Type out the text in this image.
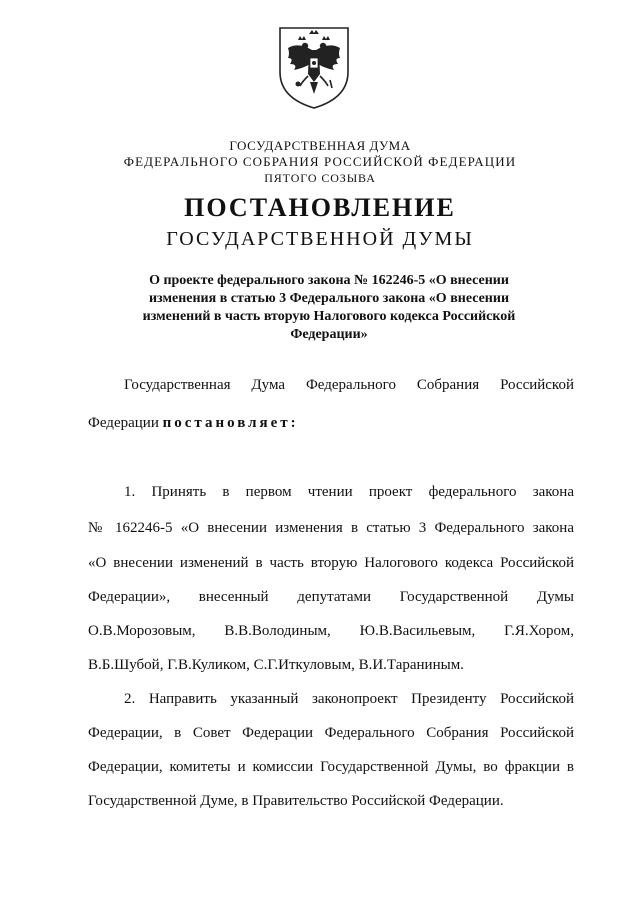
ГОСУДАРСТВЕННАЯ ДУМА
ФЕДЕРАЛЬНОГО СОБРАНИЯ РОССИЙСКОЙ ФЕДЕРАЦИИ
ПЯТОГО СОЗЫВА
ПОСТАНОВЛЕНИЕ
ГОСУДАРСТВЕННОЙ ДУМЫ
О проекте федерального закона № 162246-5 «О внесении
изменения в статью 3 Федерального закона «О внесении
изменений в часть вторую Налогового кодекса Российской
Федерации»
Государственная Дума Федерального Собрания Российской
Федерации постановляет:
1. Принять в первом чтении проект федерального закона
№ 162246-5 «О внесении изменения в статью 3 Федерального закона
«О внесении изменений в часть вторую Налогового кодекса Российской
Федерации», внесенный депутатами Государственной Думы
О.В.Морозовым, В.В.Володиным, Ю.В.Васильевым, Г.Я.Хором,
В.Б.Шубой, Г.В.Куликом, С.Г.Иткуловым, В.И.Тараниным.
2. Направить указанный законопроект Президенту Российской
Федерации, в Совет Федерации Федерального Собрания Российской
Федерации, комитеты и комиссии Государственной Думы, во фракции в
Государственной Думе, в Правительство Российской Федерации.
